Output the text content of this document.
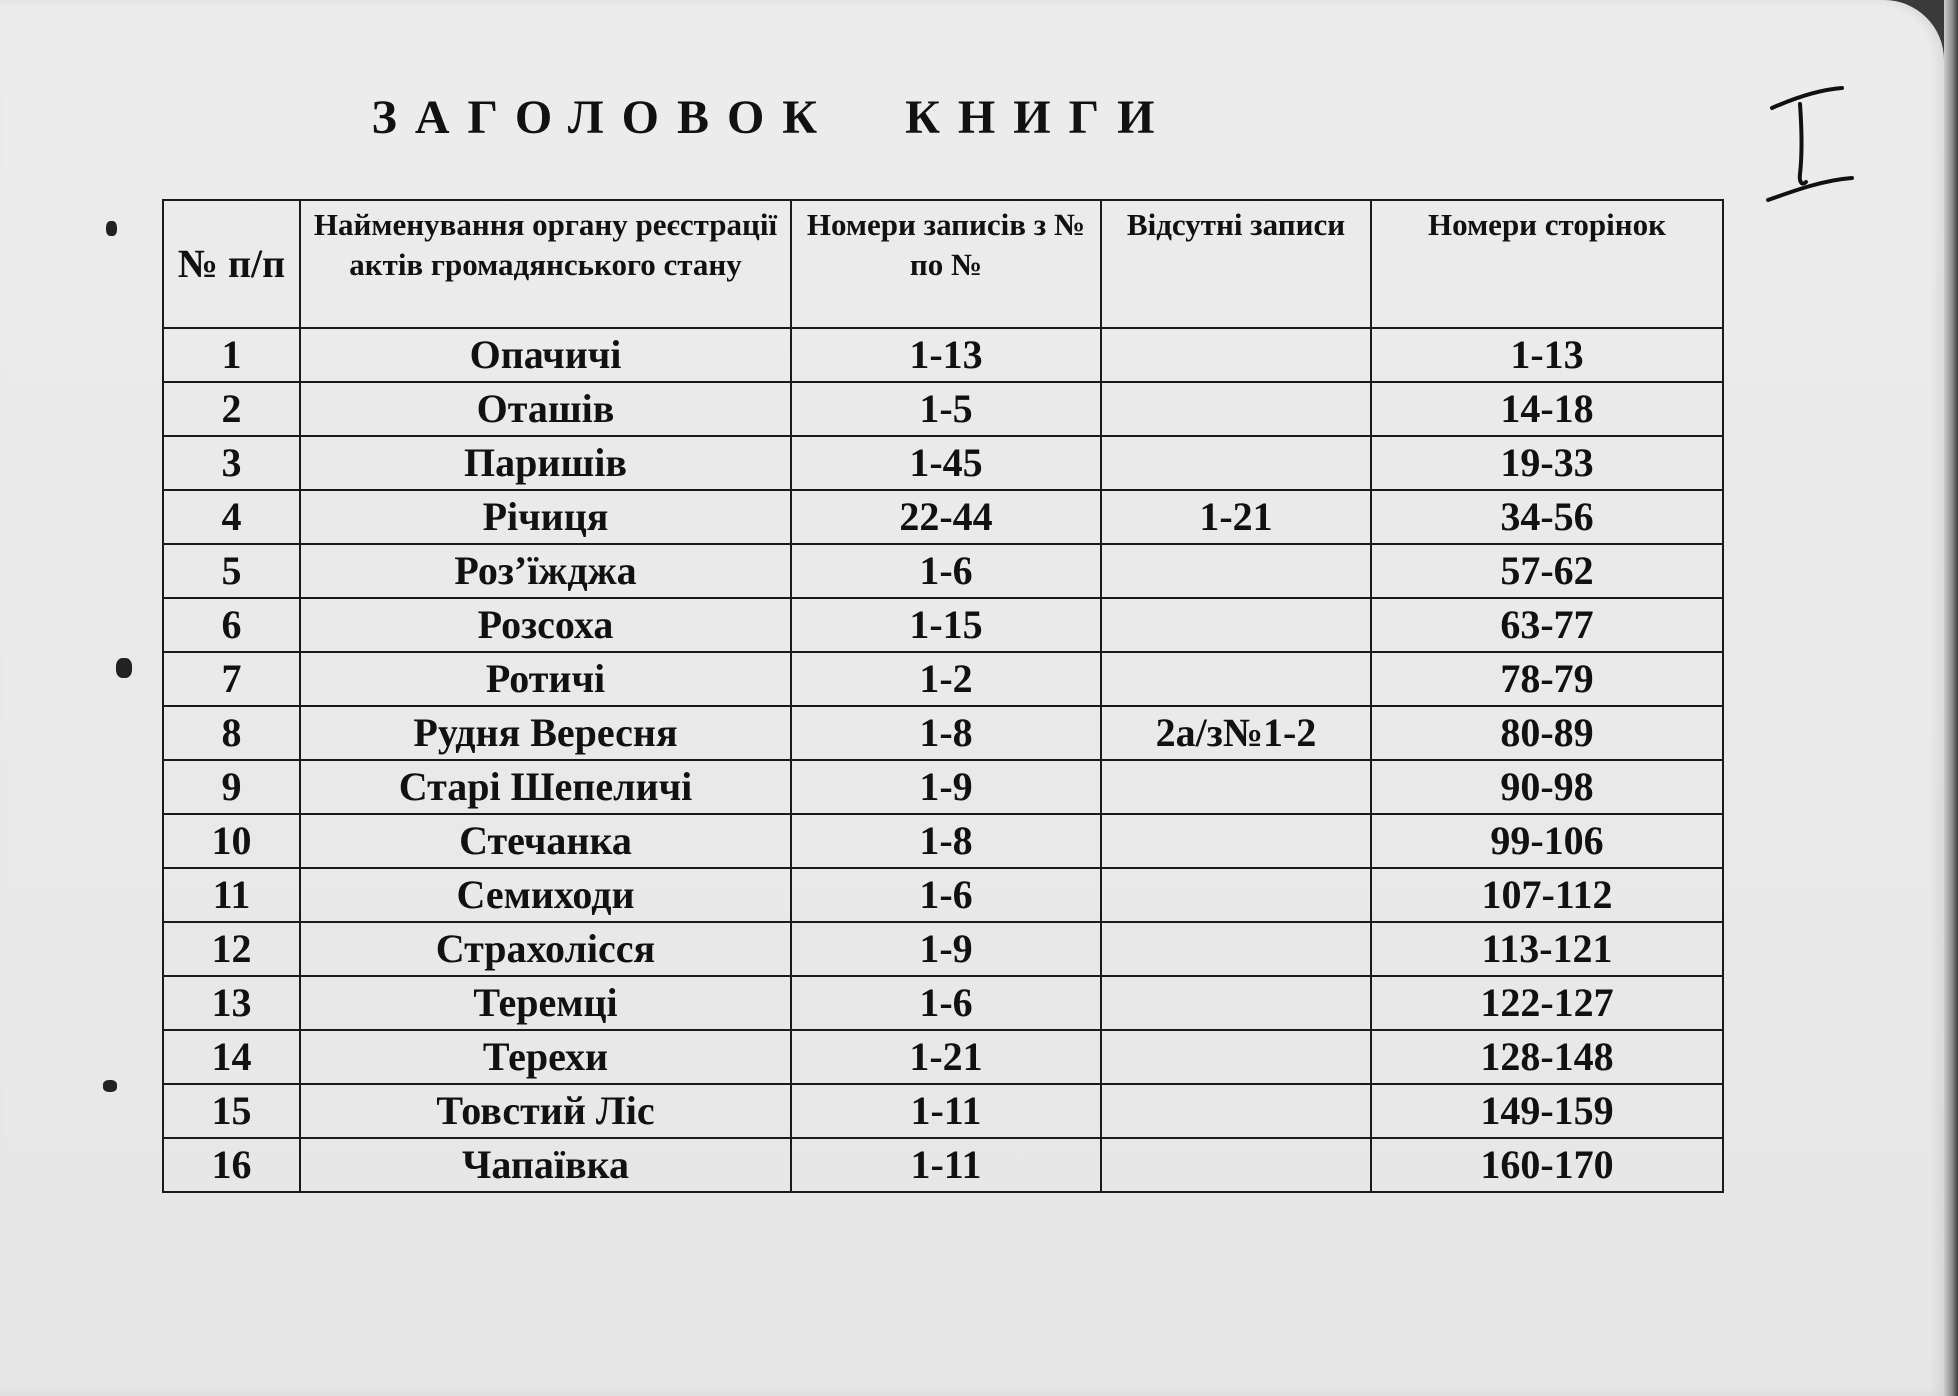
ЗАГОЛОВОК КНИГИ
№ п/п	Найменування органу реєстрації актів громадянського стану	Номери записів з № по №	Відсутні записи	Номери сторінок
1	Опачичі	1-13		1-13
2	Оташів	1-5		14-18
3	Паришів	1-45		19-33
4	Річиця	22-44	1-21	34-56
5	Роз’їжджа	1-6		57-62
6	Розсоха	1-15		63-77
7	Ротичі	1-2		78-79
8	Рудня Вересня	1-8	2а/з№1-2	80-89
9	Старі Шепеличі	1-9		90-98
10	Стечанка	1-8		99-106
11	Семиходи	1-6		107-112
12	Страхолісся	1-9		113-121
13	Теремці	1-6		122-127
14	Терехи	1-21		128-148
15	Товстий Ліс	1-11		149-159
16	Чапаївка	1-11		160-170
